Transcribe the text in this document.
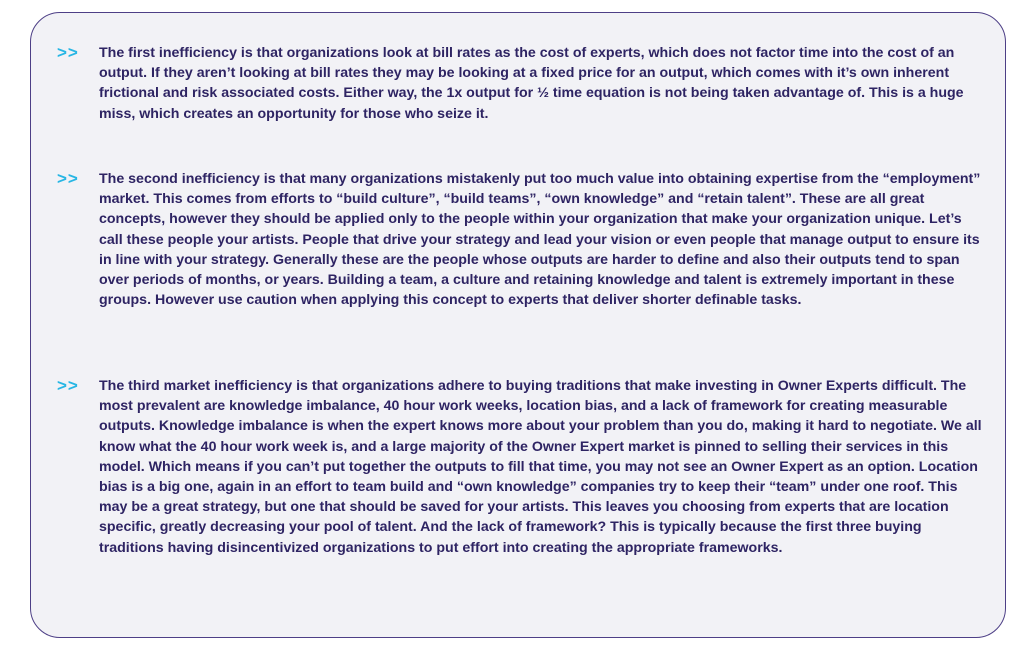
>> The first inefficiency is that organizations look at bill rates as the cost of experts, which does not factor time into the cost of an output. If they aren’t looking at bill rates they may be looking at a fixed price for an output, which comes with it’s own inherent frictional and risk associated costs. Either way, the 1x output for ½ time equation is not being taken advantage of. This is a huge miss, which creates an opportunity for those who seize it.
>> The second inefficiency is that many organizations mistakenly put too much value into obtaining expertise from the “employment” market. This comes from efforts to “build culture”, “build teams”, “own knowledge” and “retain talent”. These are all great concepts, however they should be applied only to the people within your organization that make your organization unique. Let’s call these people your artists. People that drive your strategy and lead your vision or even people that manage output to ensure its in line with your strategy. Generally these are the people whose outputs are harder to define and also their outputs tend to span over periods of months, or years. Building a team, a culture and retaining knowledge and talent is extremely important in these groups. However use caution when applying this concept to experts that deliver shorter definable tasks.
>> The third market inefficiency is that organizations adhere to buying traditions that make investing in Owner Experts difficult. The most prevalent are knowledge imbalance, 40 hour work weeks, location bias, and a lack of framework for creating measurable outputs. Knowledge imbalance is when the expert knows more about your problem than you do, making it hard to negotiate. We all know what the 40 hour work week is, and a large majority of the Owner Expert market is pinned to selling their services in this model. Which means if you can’t put together the outputs to fill that time, you may not see an Owner Expert as an option. Location bias is a big one, again in an effort to team build and “own knowledge” companies try to keep their “team” under one roof. This may be a great strategy, but one that should be saved for your artists. This leaves you choosing from experts that are location specific, greatly decreasing your pool of talent. And the lack of framework? This is typically because the first three buying traditions having disincentivized organizations to put effort into creating the appropriate frameworks.
